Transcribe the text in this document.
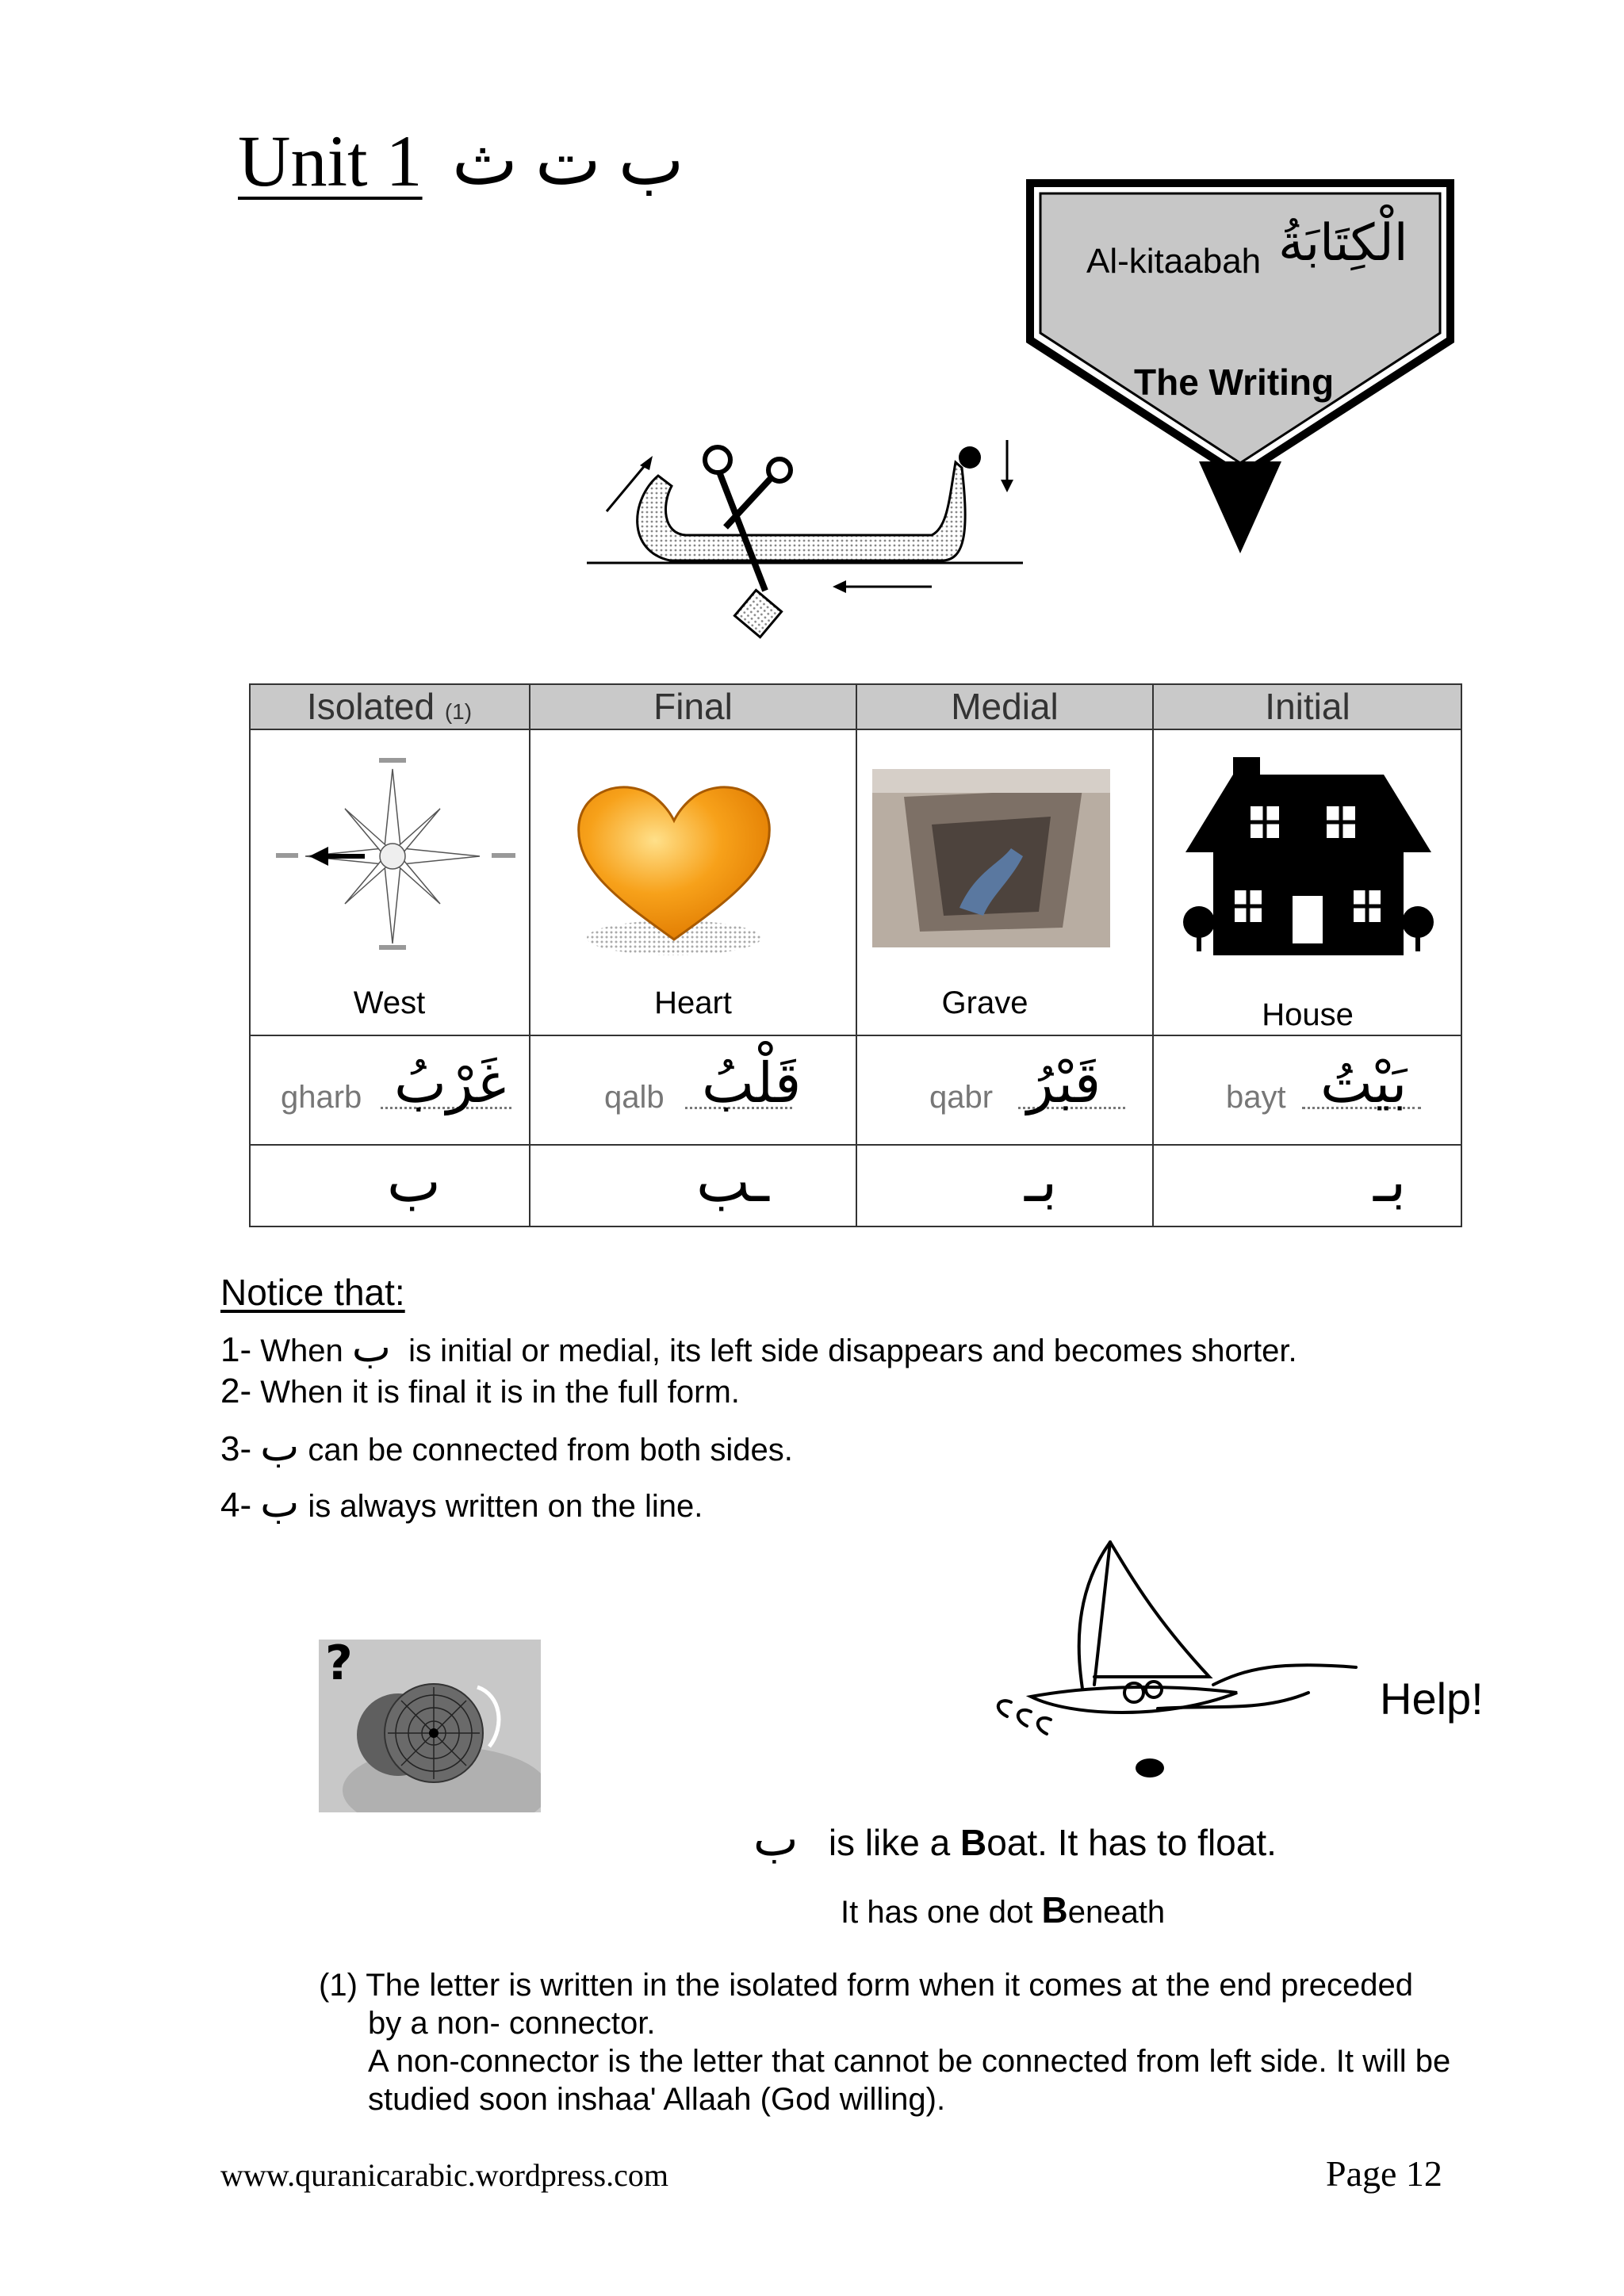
Unit 1 ب ت ث
Al-kitaabah الْكِتَابَةُ
The Writing
Isolated (1)	Final	Medial	Initial
West	Heart	Grave	House
gharb غَرْبُ	qalb قَلْبُ	qabr قَبْرُ	bayt بَيْتُ
ب	ـب	بـ	بـ
Notice that:
1- When ب is initial or medial, its left side disappears and becomes shorter.
2- When it is final it is in the full form.
3- ب can be connected from both sides.
4- ب is always written on the line.
?
Help!
ب is like a Boat. It has to float.
It has one dot Beneath

(1) The letter is written in the isolated form when it comes at the end preceded

by a non- connector.

A non-connector is the letter that cannot be connected from left side. It will be

studied soon inshaa' Allaah (God willing).

www.quranicarabic.wordpress.com	Page 12
